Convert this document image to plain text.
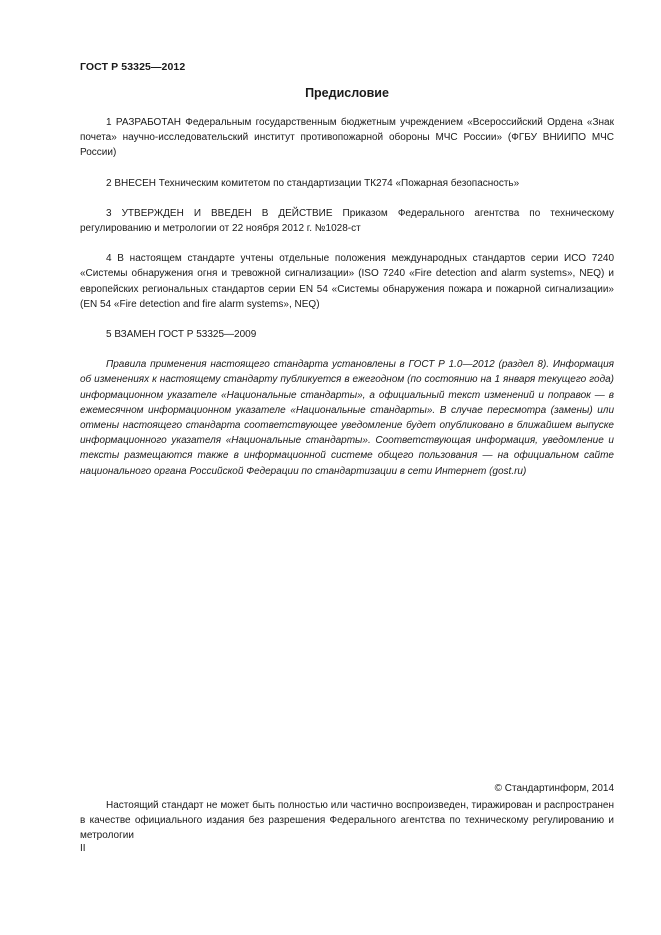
ГОСТ Р 53325—2012
Предисловие

1 РАЗРАБОТАН Федеральным государственным бюджетным учреждением «Всероссийский Ордена «Знак почета» научно-исследовательский институт противопожарной обороны МЧС России» (ФГБУ ВНИИПО МЧС России)

2 ВНЕСЕН Техническим комитетом по стандартизации ТК274 «Пожарная безопасность»

3 УТВЕРЖДЕН И ВВЕДЕН В ДЕЙСТВИЕ Приказом Федерального агентства по техническому регулированию и метрологии от 22 ноября 2012 г. №1028-ст

4 В настоящем стандарте учтены отдельные положения международных стандартов серии ИСО 7240 «Системы обнаружения огня и тревожной сигнализации» (ISO 7240 «Fire detection and alarm systems», NEQ) и европейских региональных стандартов серии EN 54 «Системы обнаружения пожара и пожарной сигнализации» (EN 54 «Fire detection and fire alarm systems», NEQ)

5 ВЗАМЕН ГОСТ Р 53325—2009

Правила применения настоящего стандарта установлены в ГОСТ Р 1.0—2012 (раздел 8). Информация об изменениях к настоящему стандарту публикуется в ежегодном (по состоянию на 1 января текущего года) информационном указателе «Национальные стандарты», а официальный текст изменений и поправок — в ежемесячном информационном указателе «Национальные стандарты». В случае пересмотра (замены) или отмены настоящего стандарта соответствующее уведомление будет опубликовано в ближайшем выпуске информационного указателя «Национальные стандарты». Соответствующая информация, уведомление и тексты размещаются также в информационной системе общего пользования — на официальном сайте национального органа Российской Федерации по стандартизации в сети Интернет (gost.ru)

© Стандартинформ, 2014

Настоящий стандарт не может быть полностью или частично воспроизведен, тиражирован и распространен в качестве официального издания без разрешения Федерального агентства по техническому регулированию и метрологии

II
